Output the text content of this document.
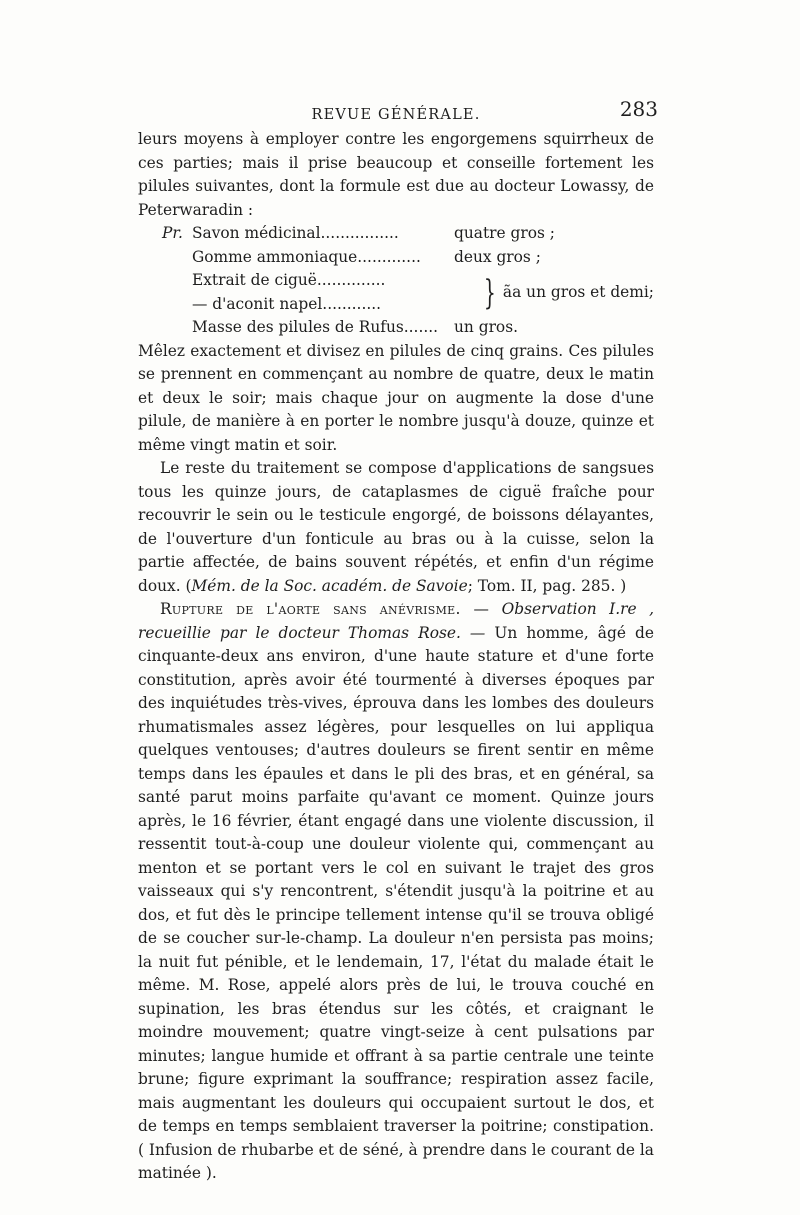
REVUE GÉNÉRALE.	283

leurs moyens à employer contre les engorgemens squirrheux de ces parties; mais il prise beaucoup et conseille fortement les pilules suivantes, dont la formule est due au docteur Lowassy, de Peterwaradin :

Pr. Savon médicinal................	quatre gros ;
Gomme ammoniaque.............	deux gros ;
Extrait de ciguë..............
— d'aconit napel............	} ãa un gros et demi;
Masse des pilules de Rufus.......	un gros.

Mêlez exactement et divisez en pilules de cinq grains. Ces pilules se prennent en commençant au nombre de quatre, deux le matin et deux le soir; mais chaque jour on augmente la dose d'une pilule, de manière à en porter le nombre jusqu'à douze, quinze et même vingt matin et soir.

Le reste du traitement se compose d'applications de sangsues tous les quinze jours, de cataplasmes de ciguë fraîche pour recouvrir le sein ou le testicule engorgé, de boissons délayantes, de l'ouverture d'un fonticule au bras ou à la cuisse, selon la partie affectée, de bains souvent répétés, et enfin d'un régime doux. (Mém. de la Soc. académ. de Savoie; Tom. II, pag. 285. )

Rupture de l'aorte sans anévrisme. — Observation I.re , recueillie par le docteur Thomas Rose. — Un homme, âgé de cinquante-deux ans environ, d'une haute stature et d'une forte constitution, après avoir été tourmenté à diverses époques par des inquiétudes très-vives, éprouva dans les lombes des douleurs rhumatismales assez légères, pour lesquelles on lui appliqua quelques ventouses; d'autres douleurs se firent sentir en même temps dans les épaules et dans le pli des bras, et en général, sa santé parut moins parfaite qu'avant ce moment. Quinze jours après, le 16 février, étant engagé dans une violente discussion, il ressentit tout-à-coup une douleur violente qui, commençant au menton et se portant vers le col en suivant le trajet des gros vaisseaux qui s'y rencontrent, s'étendit jusqu'à la poitrine et au dos, et fut dès le principe tellement intense qu'il se trouva obligé de se coucher sur-le-champ. La douleur n'en persista pas moins; la nuit fut pénible, et le lendemain, 17, l'état du malade était le même. M. Rose, appelé alors près de lui, le trouva couché en supination, les bras étendus sur les côtés, et craignant le moindre mouvement; quatre vingt-seize à cent pulsations par minutes; langue humide et offrant à sa partie centrale une teinte brune; figure exprimant la souffrance; respiration assez facile, mais augmentant les douleurs qui occupaient surtout le dos, et de temps en temps semblaient traverser la poitrine; constipation. ( Infusion de rhubarbe et de séné, à prendre dans le courant de la matinée ).
